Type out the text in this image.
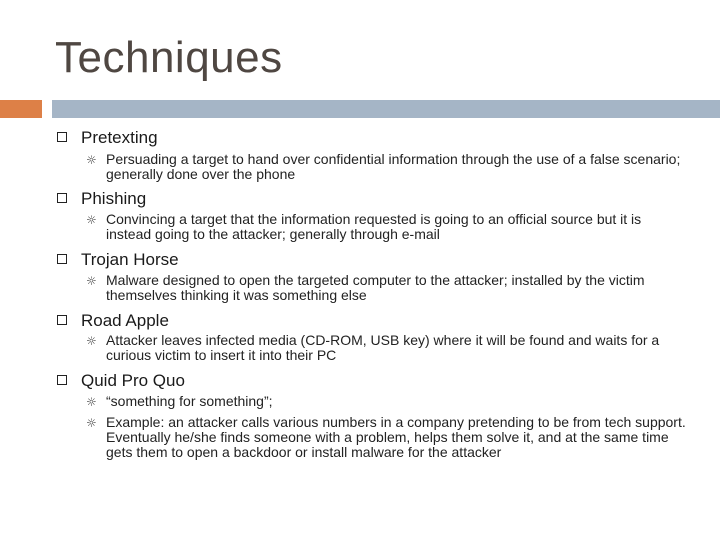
Techniques
Pretexting
☼ Persuading a target to hand over confidential information through the use of a false scenario; generally done over the phone
Phishing
☼ Convincing a target that the information requested is going to an official source but it is instead going to the attacker; generally through e-mail
Trojan Horse
☼ Malware designed to open the targeted computer to the attacker; installed by the victim themselves thinking it was something else
Road Apple
☼ Attacker leaves infected media (CD-ROM, USB key) where it will be found and waits for a curious victim to insert it into their PC
Quid Pro Quo
☼ “something for something”;
☼ Example: an attacker calls various numbers in a company pretending to be from tech support. Eventually he/she finds someone with a problem, helps them solve it, and at the same time gets them to open a backdoor or install malware for the attacker
